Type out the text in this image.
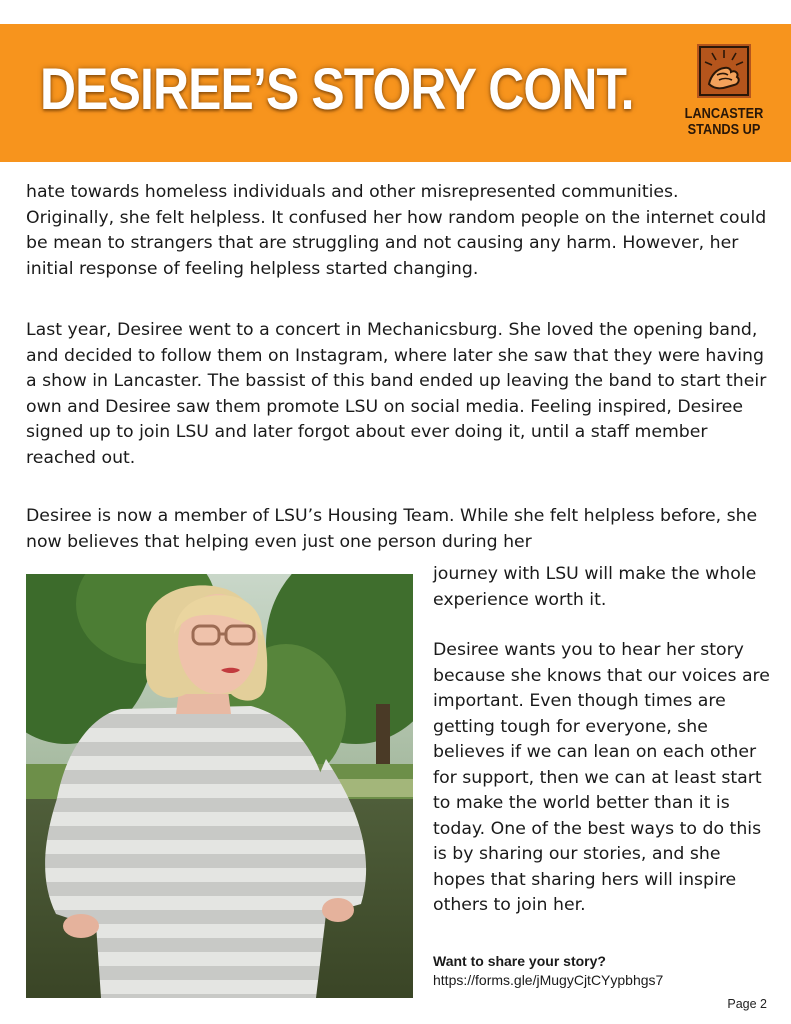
DESIREE’S STORY CONT.	LANCASTER
STANDS UP
hate towards homeless individuals and other misrepresented communities. Originally, she felt helpless. It confused her how random people on the internet could be mean to strangers that are struggling and not causing any harm. However, her initial response of feeling helpless started changing.
Last year, Desiree went to a concert in Mechanicsburg. She loved the opening band, and decided to follow them on Instagram, where later she saw that they were having a show in Lancaster. The bassist of this band ended up leaving the band to start their own and Desiree saw them promote LSU on social media. Feeling inspired, Desiree signed up to join LSU and later forgot about ever doing it, until a staff member reached out.
Desiree is now a member of LSU’s Housing Team. While she felt helpless before, she now believes that helping even just one person during her
journey with LSU will make the whole experience worth it.
Desiree wants you to hear her story because she knows that our voices are important. Even though times are getting tough for everyone, she believes if we can lean on each other for support, then we can at least start to make the world better than it is today. One of the best ways to do this is by sharing our stories, and she hopes that sharing hers will inspire others to join her.
Want to share your story?
https://forms.gle/jMugyCjtCYypbhgs7
Page 2
